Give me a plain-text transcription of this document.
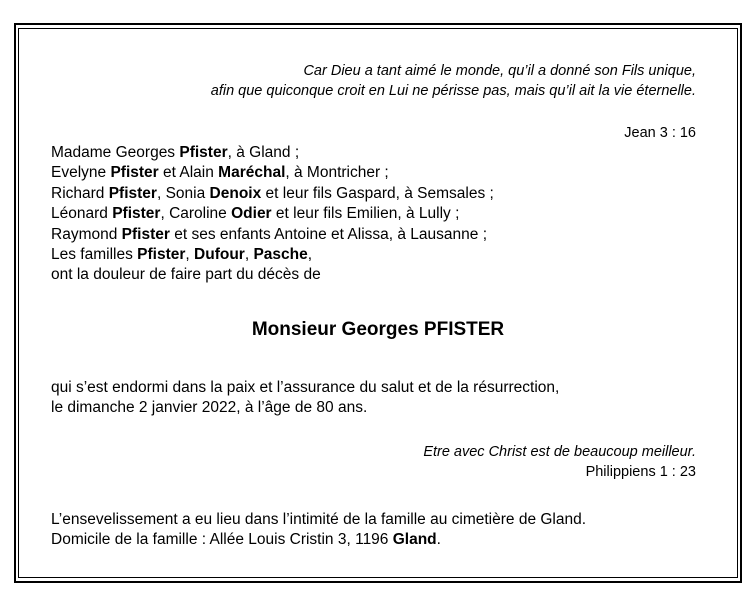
Car Dieu a tant aimé le monde, qu’il a donné son Fils unique,
afin que quiconque croit en Lui ne périsse pas, mais qu’il ait la vie éternelle.
Jean 3 : 16
Madame Georges Pfister, à Gland ;
Evelyne Pfister et Alain Maréchal, à Montricher ;
Richard Pfister, Sonia Denoix et leur fils Gaspard, à Semsales ;
Léonard Pfister, Caroline Odier et leur fils Emilien, à Lully ;
Raymond Pfister et ses enfants Antoine et Alissa, à Lausanne ;
Les familles Pfister, Dufour, Pasche,
ont la douleur de faire part du décès de
Monsieur Georges PFISTER
qui s’est endormi dans la paix et l’assurance du salut et de la résurrection,
le dimanche 2 janvier 2022, à l’âge de 80 ans.
Etre avec Christ est de beaucoup meilleur.
Philippiens 1 : 23
L’ensevelissement a eu lieu dans l’intimité de la famille au cimetière de Gland.
Domicile de la famille : Allée Louis Cristin 3, 1196 Gland.
